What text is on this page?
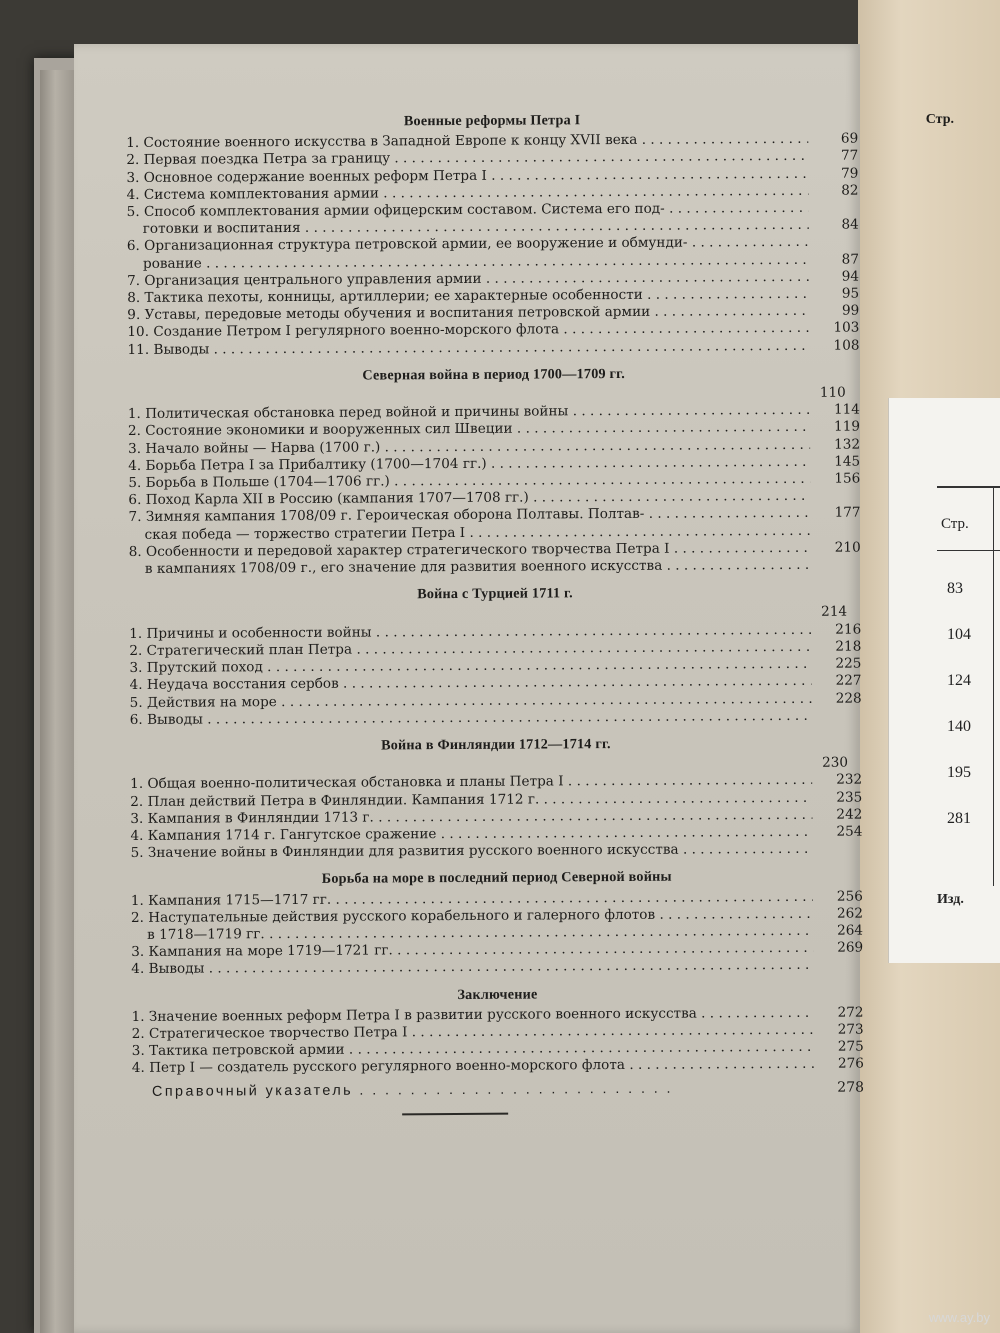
Стр.
83
104
124
140
195
281
Изд.
Стр.
Военные реформы Петра I
1. Состояние военного искусства в Западной Европе к концу XVII века . . .	69
2. Первая поездка Петра за границу . . .	77
3. Основное содержание военных реформ Петра I . . .	79
4. Система комплектования армии . . .	82
5. Способ комплектования армии офицерским составом. Система его под- . . .
готовки и воспитания . . .	84
6. Организационная структура петровской армии, ее вооружение и обмунди- . . .
рование . . .	87
7. Организация центрального управления армии . . .	94
8. Тактика пехоты, конницы, артиллерии; ее характерные особенности . . .	95
9. Уставы, передовые методы обучения и воспитания петровской армии . . .	99
10. Создание Петром I регулярного военно-морского флота . . .	103
11. Выводы . . .	108
Северная война в период 1700—1709 гг.
110
1. Политическая обстановка перед войной и причины войны . . .	114
2. Состояние экономики и вооруженных сил Швеции . . .	119
3. Начало войны — Нарва (1700 г.) . . .	132
4. Борьба Петра I за Прибалтику (1700—1704 гг.) . . .	145
5. Борьба в Польше (1704—1706 гг.) . . .	156
6. Поход Карла XII в Россию (кампания 1707—1708 гг.) . . .
7. Зимняя кампания 1708/09 г. Героическая оборона Полтавы. Полтав- . . .	177
ская победа — торжество стратегии Петра I . . .
8. Особенности и передовой характер стратегического творчества Петра I . . .	210
в кампаниях 1708/09 г., его значение для развития военного искусства . . .
Война с Турцией 1711 г.
214
1. Причины и особенности войны . . .	216
2. Стратегический план Петра . . .	218
3. Прутский поход . . .	225
4. Неудача восстания сербов . . .	227
5. Действия на море . . .	228
6. Выводы . . .
Война в Финляндии 1712—1714 гг.
230
1. Общая военно-политическая обстановка и планы Петра I . . .	232
2. План действий Петра в Финляндии. Кампания 1712 г. . . .	235
3. Кампания в Финляндии 1713 г. . . .	242
4. Кампания 1714 г. Гангутское сражение . . .	254
5. Значение войны в Финляндии для развития русского военного искусства . . .
Борьба на море в последний период Северной войны
1. Кампания 1715—1717 гг. . . .	256
2. Наступательные действия русского корабельного и галерного флотов . . .	262
в 1718—1719 гг. . . .	264
3. Кампания на море 1719—1721 гг. . . .	269
4. Выводы . . .
Заключение
1. Значение военных реформ Петра I в развитии русского военного искусства . . .	272
2. Стратегическое творчество Петра I . . .	273
3. Тактика петровской армии . . .	275
4. Петр I — создатель русского регулярного военно-морского флота . . .	276
Справочный указатель . .	278
www.ay.by
